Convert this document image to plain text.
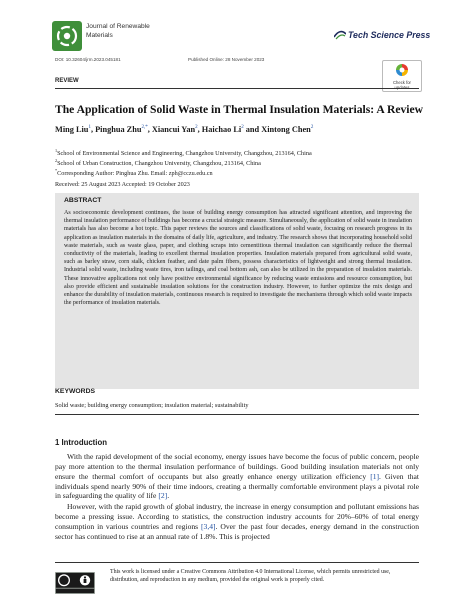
Journal of Renewable
Materials	Tech Science Press
DOI: 10.32604/jrm.2023.045181	Published Online: 28 November 2023
Check for
updates
REVIEW
The Application of Solid Waste in Thermal Insulation Materials: A Review
Ming Liu$^1$, Pinghua Zhu$^{2,*}$, Xiancui Yan$^2$, Haichao Li$^2$ and Xintong Chen$^2$
$^1$School of Environmental Science and Engineering, Changzhou University, Changzhou, 213164, China
$^2$School of Urban Construction, Changzhou University, Changzhou, 213164, China
*Corresponding Author: Pinghua Zhu. Email: zph@cczu.edu.cn
Received: 25 August 2023 Accepted: 19 October 2023
ABSTRACT
As socioeconomic development continues, the issue of building energy consumption has attracted significant attention, and improving the thermal insulation performance of buildings has become a crucial strategic measure. Simultaneously, the application of solid waste in insulation materials has also become a hot topic. This paper reviews the sources and classifications of solid waste, focusing on research progress in its application as insulation materials in the domains of daily life, agriculture, and industry. The research shows that incorporating household solid waste materials, such as waste glass, paper, and clothing scraps into cementitious thermal insulation can significantly reduce the thermal conductivity of the materials, leading to excellent thermal insulation properties. Insulation materials prepared from agricultural solid waste, such as barley straw, corn stalk, chicken feather, and date palm fibers, possess characteristics of lightweight and strong thermal insulation. Industrial solid waste, including waste tires, iron tailings, and coal bottom ash, can also be utilized in the preparation of insulation materials. These innovative applications not only have positive environmental significance by reducing waste emissions and resource consumption, but also provide efficient and sustainable insulation solutions for the construction industry. However, to further optimize the mix design and enhance the durability of insulation materials, continuous research is required to investigate the mechanisms through which solid waste impacts the performance of insulation materials.
KEYWORDS
Solid waste; building energy consumption; insulation material; sustainability
1 Introduction
With the rapid development of the social economy, energy issues have become the focus of public concern, people pay more attention to the thermal insulation performance of buildings. Good building insulation materials not only ensure the thermal comfort of occupants but also greatly enhance energy utilization efficiency [1]. Given that individuals spend nearly 90% of their time indoors, creating a thermally comfortable environment plays a pivotal role in safeguarding the quality of life [2].
However, with the rapid growth of global industry, the increase in energy consumption and pollutant emissions has become a pressing issue. According to statistics, the construction industry accounts for 20%–60% of total energy consumption in various countries and regions [3,4]. Over the past four decades, energy demand in the construction sector has continued to rise at an annual rate of 1.8%. This is projected
This work is licensed under a Creative Commons Attribution 4.0 International License, which permits unrestricted use, distribution, and reproduction in any medium, provided the original work is properly cited.
